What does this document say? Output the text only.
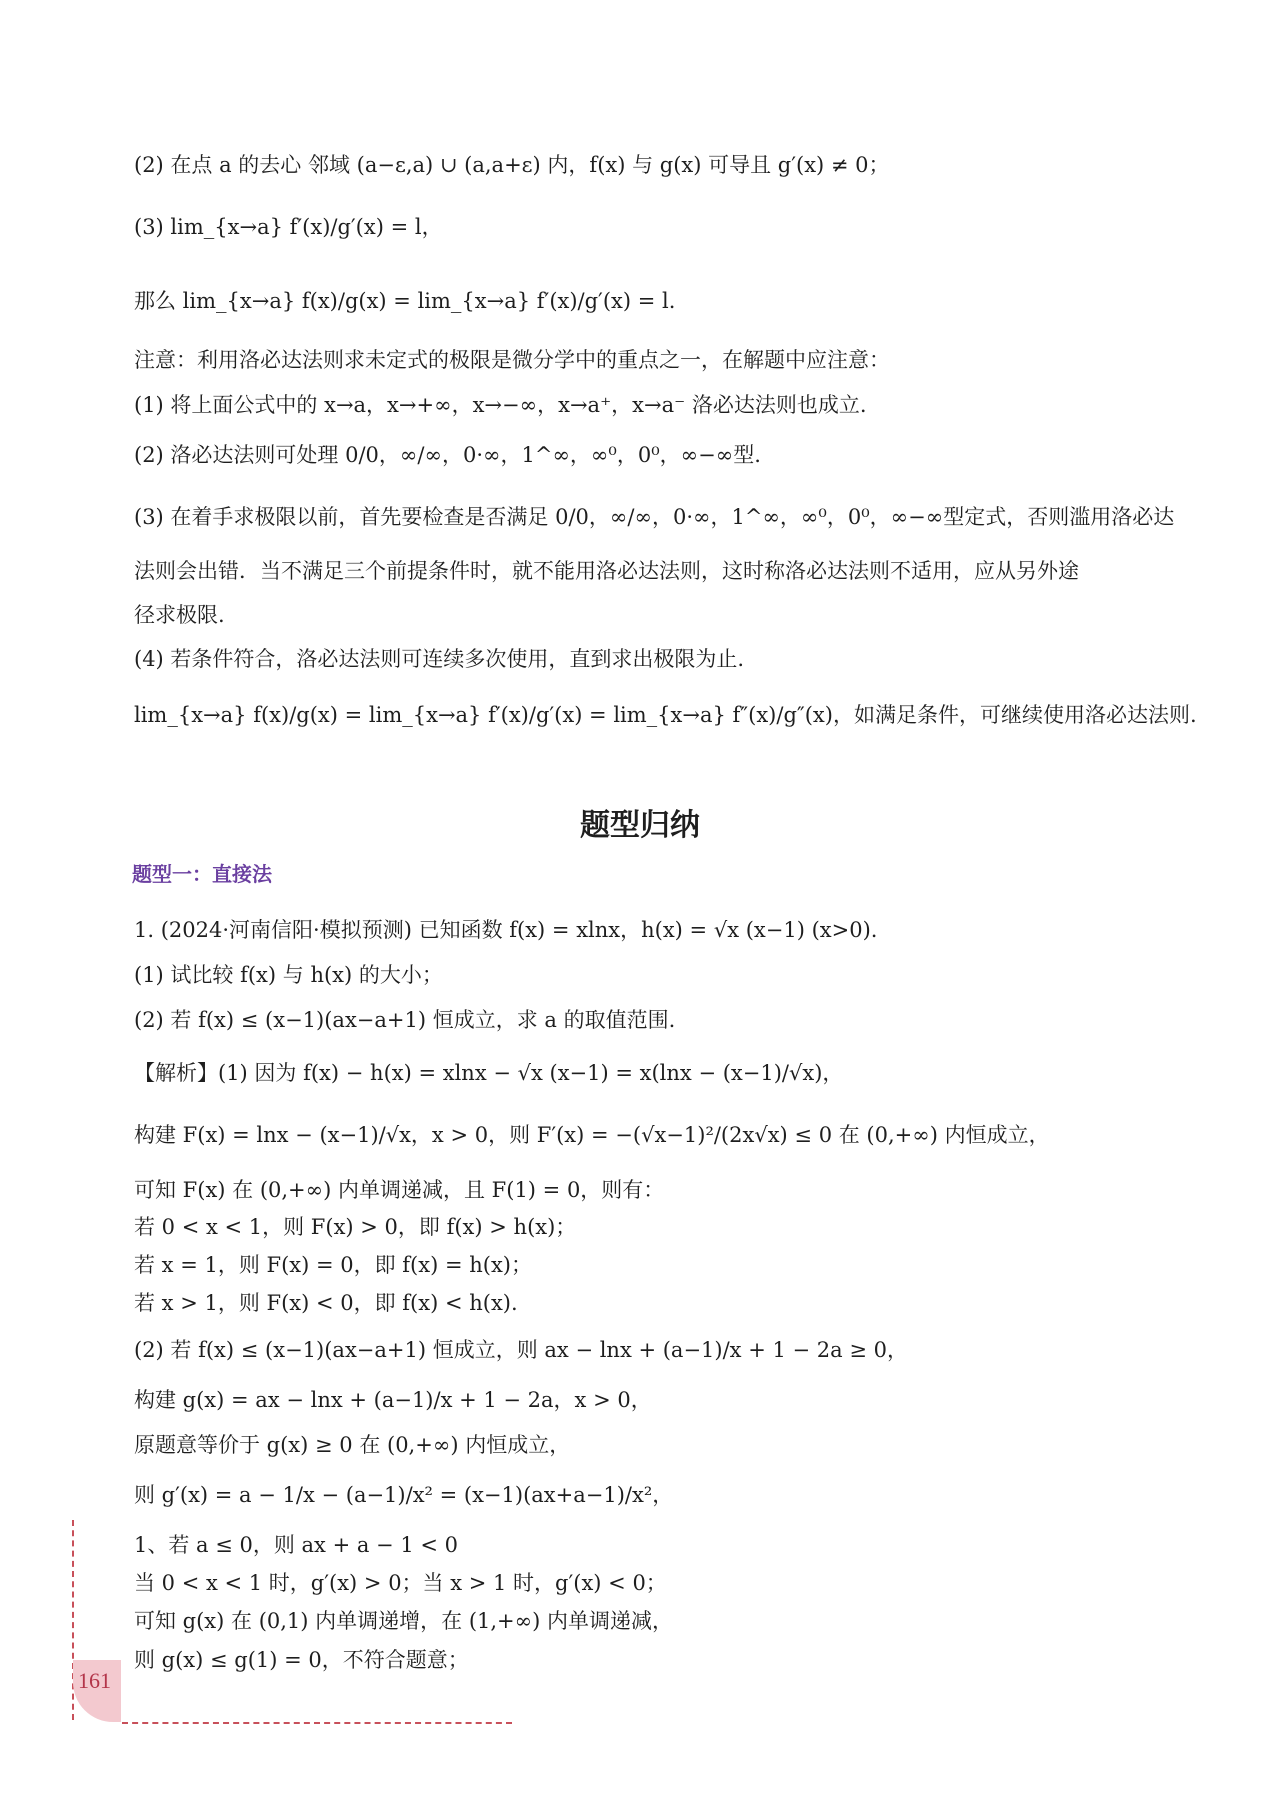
(2) 在点 a 的去心 邻域 (a−ε,a) ∪ (a,a+ε) 内，f(x) 与 g(x) 可导且 g′(x) ≠ 0；
(3) lim_{x→a} f′(x)/g′(x) = l，
那么 lim_{x→a} f(x)/g(x) = lim_{x→a} f′(x)/g′(x) = l.
注意：利用洛必达法则求未定式的极限是微分学中的重点之一，在解题中应注意：
(1) 将上面公式中的 x→a，x→+∞，x→−∞，x→a⁺，x→a⁻ 洛必达法则也成立.
(2) 洛必达法则可处理 0/0，∞/∞，0·∞，1^∞，∞⁰，0⁰，∞−∞型.
(3) 在着手求极限以前，首先要检查是否满足 0/0，∞/∞，0·∞，1^∞，∞⁰，0⁰，∞−∞型定式，否则滥用洛必达
法则会出错．当不满足三个前提条件时，就不能用洛必达法则，这时称洛必达法则不适用，应从另外途
径求极限.
(4) 若条件符合，洛必达法则可连续多次使用，直到求出极限为止.
lim_{x→a} f(x)/g(x) = lim_{x→a} f′(x)/g′(x) = lim_{x→a} f″(x)/g″(x)，如满足条件，可继续使用洛必达法则.
1. (2024·河南信阳·模拟预测) 已知函数 f(x) = xlnx，h(x) = √x (x−1) (x>0).
(1) 试比较 f(x) 与 h(x) 的大小；
(2) 若 f(x) ≤ (x−1)(ax−a+1) 恒成立，求 a 的取值范围.
【解析】(1) 因为 f(x) − h(x) = xlnx − √x (x−1) = x(lnx − (x−1)/√x)，
构建 F(x) = lnx − (x−1)/√x，x > 0，则 F′(x) = −(√x−1)²/(2x√x) ≤ 0 在 (0,+∞) 内恒成立，
可知 F(x) 在 (0,+∞) 内单调递减，且 F(1) = 0，则有：
若 0 < x < 1，则 F(x) > 0，即 f(x) > h(x)；
若 x = 1，则 F(x) = 0，即 f(x) = h(x)；
若 x > 1，则 F(x) < 0，即 f(x) < h(x).
(2) 若 f(x) ≤ (x−1)(ax−a+1) 恒成立，则 ax − lnx + (a−1)/x + 1 − 2a ≥ 0，
构建 g(x) = ax − lnx + (a−1)/x + 1 − 2a，x > 0，
原题意等价于 g(x) ≥ 0 在 (0,+∞) 内恒成立，
则 g′(x) = a − 1/x − (a−1)/x² = (x−1)(ax+a−1)/x²，
1、若 a ≤ 0，则 ax + a − 1 < 0
当 0 < x < 1 时，g′(x) > 0；当 x > 1 时，g′(x) < 0；
可知 g(x) 在 (0,1) 内单调递增，在 (1,+∞) 内单调递减，
则 g(x) ≤ g(1) = 0，不符合题意；
题型归纳
题型一：直接法
161
